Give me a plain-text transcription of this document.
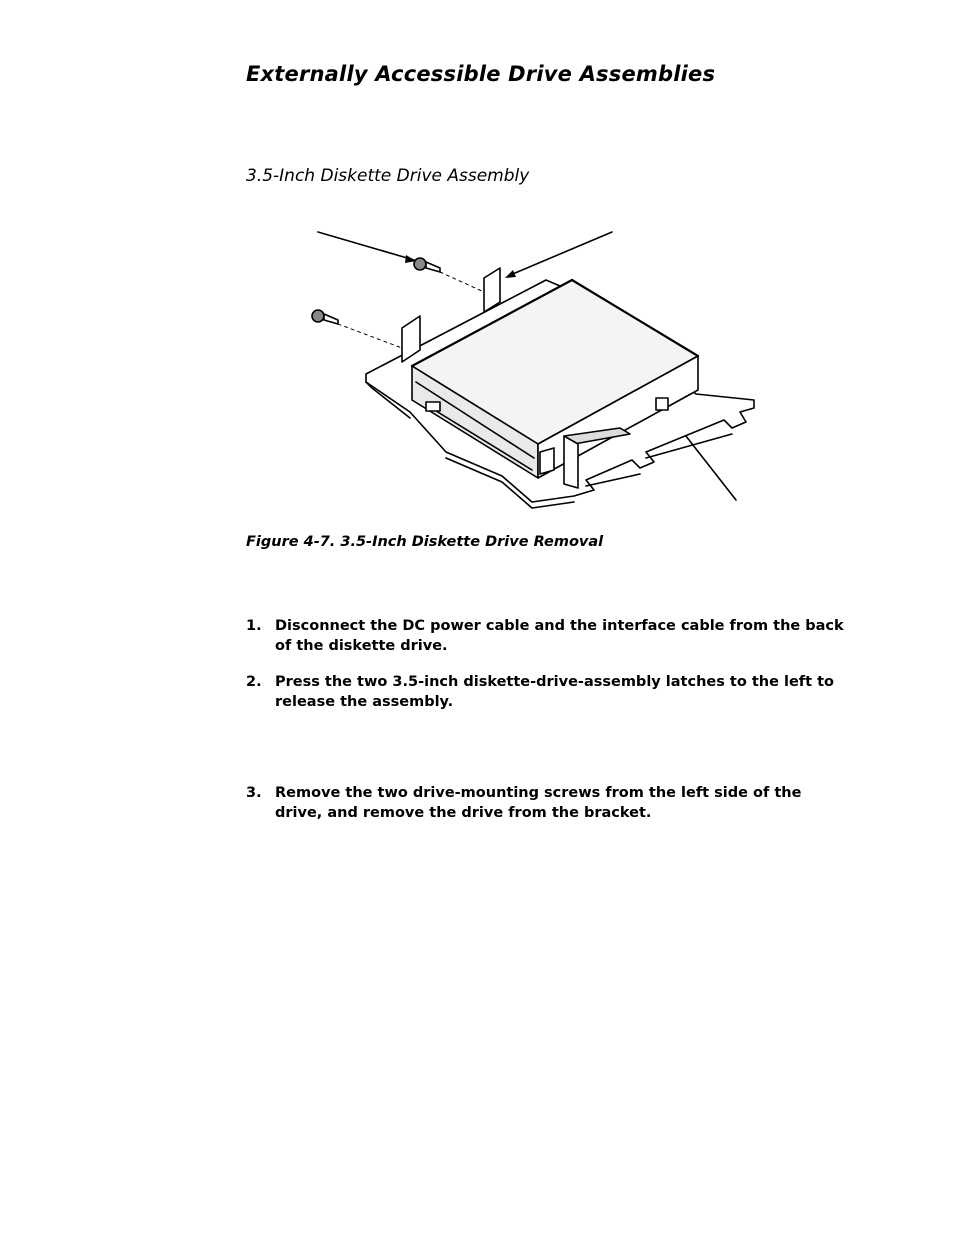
Externally Accessible Drive Assemblies
3.5-Inch Diskette Drive Assembly

Figure 4-7. 3.5-Inch Diskette Drive Removal

1. Disconnect the DC power cable and the interface cable from the back of the diskette drive.
2. Press the two 3.5-inch diskette-drive-assembly latches to the left to release the assembly.
3. Remove the two drive-mounting screws from the left side of the drive, and remove the drive from the bracket.
